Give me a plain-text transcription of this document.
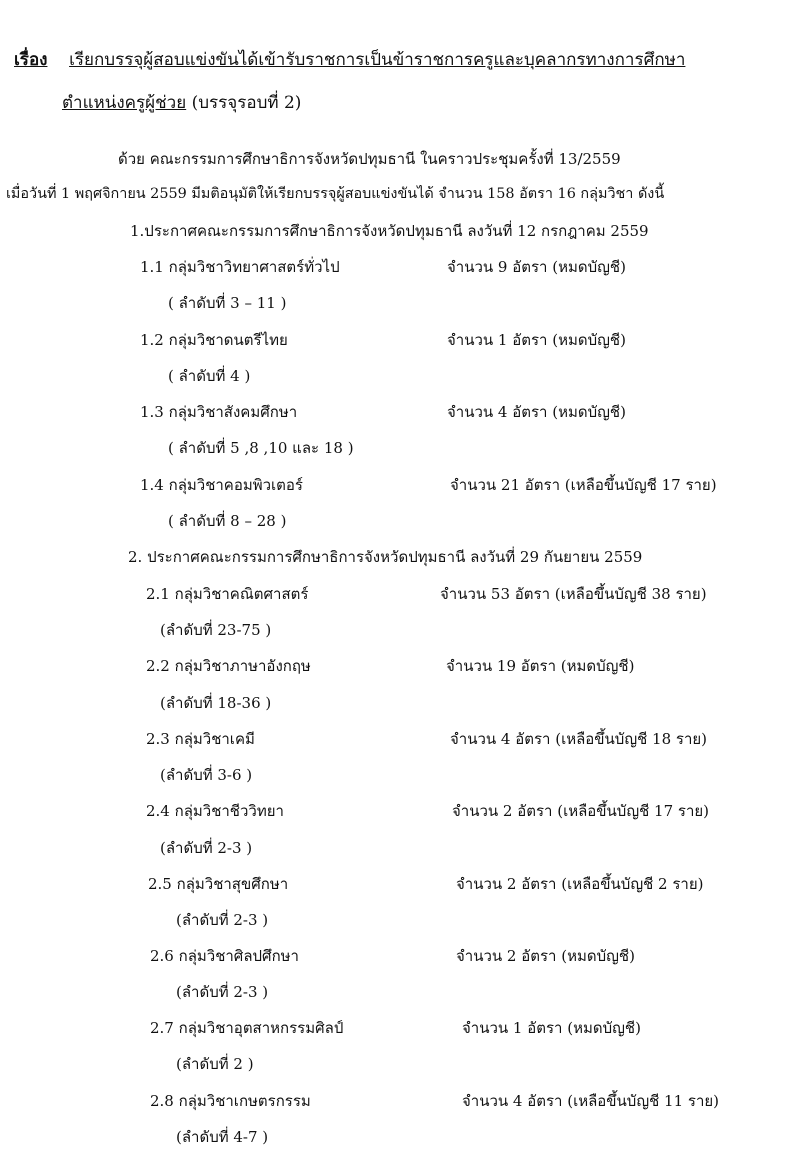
เรื่อง เรียกบรรจุผู้สอบแข่งขันได้เข้ารับราชการเป็นข้าราชการครูและบุคลากรทางการศึกษา
ตำแหน่งครูผู้ช่วย (บรรจุรอบที่ 2)
ด้วย คณะกรรมการศึกษาธิการจังหวัดปทุมธานี ในคราวประชุมครั้งที่ 13/2559
เมื่อวันที่ 1 พฤศจิกายน 2559 มีมติอนุมัติให้เรียกบรรจุผู้สอบแข่งขันได้ จำนวน 158 อัตรา 16 กลุ่มวิชา ดังนี้
1.ประกาศคณะกรรมการศึกษาธิการจังหวัดปทุมธานี ลงวันที่ 12 กรกฎาคม 2559
1.1 กลุ่มวิชาวิทยาศาสตร์ทั่วไป	จำนวน 9 อัตรา (หมดบัญชี)
( ลำดับที่ 3 – 11 )
1.2 กลุ่มวิชาดนตรีไทย	จำนวน 1 อัตรา (หมดบัญชี)
( ลำดับที่ 4 )
1.3 กลุ่มวิชาสังคมศึกษา	จำนวน 4 อัตรา (หมดบัญชี)
( ลำดับที่ 5 ,8 ,10 และ 18 )
1.4 กลุ่มวิชาคอมพิวเตอร์	จำนวน 21 อัตรา (เหลือขึ้นบัญชี 17 ราย)
( ลำดับที่ 8 – 28 )
2. ประกาศคณะกรรมการศึกษาธิการจังหวัดปทุมธานี ลงวันที่ 29 กันยายน 2559
2.1 กลุ่มวิชาคณิตศาสตร์	จำนวน 53 อัตรา (เหลือขึ้นบัญชี 38 ราย)
(ลำดับที่ 23-75 )
2.2 กลุ่มวิชาภาษาอังกฤษ	จำนวน 19 อัตรา (หมดบัญชี)
(ลำดับที่ 18-36 )
2.3 กลุ่มวิชาเคมี	จำนวน 4 อัตรา (เหลือขึ้นบัญชี 18 ราย)
(ลำดับที่ 3-6 )
2.4 กลุ่มวิชาชีววิทยา	จำนวน 2 อัตรา (เหลือขึ้นบัญชี 17 ราย)
(ลำดับที่ 2-3 )
2.5 กลุ่มวิชาสุขศึกษา	จำนวน 2 อัตรา (เหลือขึ้นบัญชี 2 ราย)
(ลำดับที่ 2-3 )
2.6 กลุ่มวิชาศิลปศึกษา	จำนวน 2 อัตรา (หมดบัญชี)
(ลำดับที่ 2-3 )
2.7 กลุ่มวิชาอุตสาหกรรมศิลป์	จำนวน 1 อัตรา (หมดบัญชี)
(ลำดับที่ 2 )
2.8 กลุ่มวิชาเกษตรกรรม	จำนวน 4 อัตรา (เหลือขึ้นบัญชี 11 ราย)
(ลำดับที่ 4-7 )
